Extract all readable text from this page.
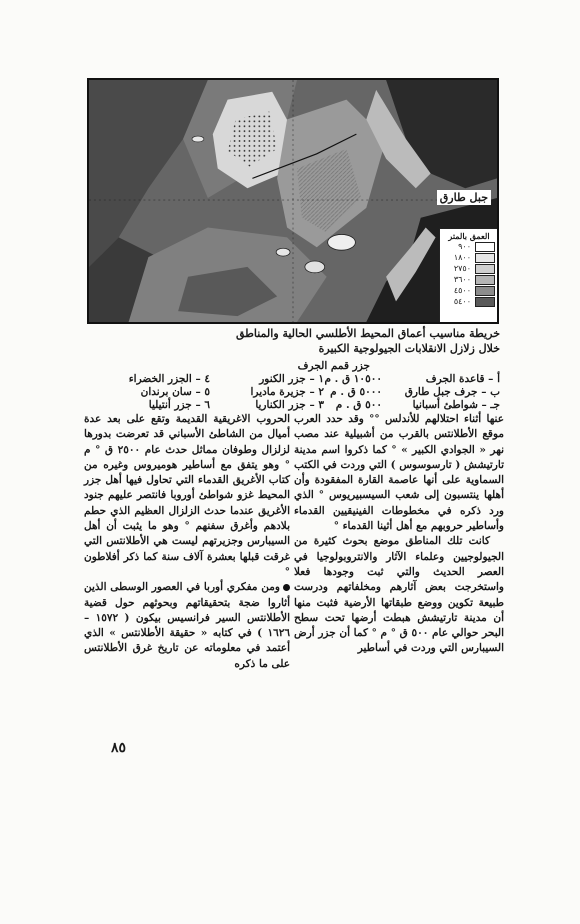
جبل طارق
العمق بالمتر
٩٠٠
١٨٠٠
٢٧٥٠
٣٦٠٠
٤٥٠٠
٥٤٠٠
خريطة مناسيب أعماق المحيط الأطلسي الحالية والمناطق
خلال زلازل الانقلابات الجيولوجية الكبيرة
جزر قمم الجرف
أ – قاعدة الجرف
ب – جرف جبل طارق
جـ – شواطئ أسبانيا
١٠٥٠٠ ق . م
٥٠٠٠ ق . م
٥٠٠ ق . م
١ – جزر الكنور
٢ – جزيرة ماديرا
٣ – جزر الكناريا
٤ – الجزر الخضراء
٥ – سان برندان
٦ – جزر أنتيليا

عنها أثناء احتلالهم للأندلس °° وقد حدد العرب موقع الأطلانتس بالقرب من أشبيلية عند مصب نهر « الجوادي الكبير » ° كما ذكروا اسم مدينة تارتيشش ( تارسوسوس ) التي وردت في الكتب السماوية على أنها عاصمة القارة المفقودة وأن أهلها ينتسبون إلى شعب السيسبيريوس ° الذي ورد ذكره في مخطوطات الفينيقيين القدماء وأساطير حروبهم مع أهل أثينا القدماء °

كانت تلك المناطق موضع بحوث كثيرة من الجيولوجيين وعلماء الآثار والانتروبولوجيا في العصر الحديث والتي ثبت وجودها فعلا واستخرجت بعض آثارهم ومخلفاتهم ودرست طبيعة تكوين ووضع طبقاتها الأرضية فثبت منها أن مدينة تارتيشش هبطت أرضها تحت سطح البحر حوالي عام ٥٠٠ ق ° م ° كما أن جزر أرض السيبارس التي وردت في أساطير

الحروب الاغريقية القديمة وتقع على بعد عدة أميال من الشاطئ الأسباني قد تعرضت بدورها لزلزال وطوفان مماثل حدث عام ٢٥٠٠ ق ° م ° وهو يتفق مع أساطير هوميروس وغيره من كتاب الأغريق القدماء التي تحاول فيها أهل جزر المحيط غزو شواطئ أوروبا فانتصر عليهم جنود الأغريق عندما حدث الزلزال العظيم الذي حطم بلادهم وأغرق سفنهم ° وهو ما يثبت أن أهل السيبارس وجزيرتهم ليست هي الأطلانتس التي غرقت قبلها بعشرة آلاف سنة كما ذكر أفلاطون °

ومن مفكري أوربا في العصور الوسطى الذين أثاروا ضجة بتحقيقاتهم وبحوثهم حول قضية الأطلانتس السير فرانسيس بيكون ( ١٥٧٢ – ١٦٢٦ ) في كتابه « حقيقة الأطلانتس » الذي أعتمد في معلوماته عن تاريخ غرق الأطلانتس على ما ذكره

٨٥
